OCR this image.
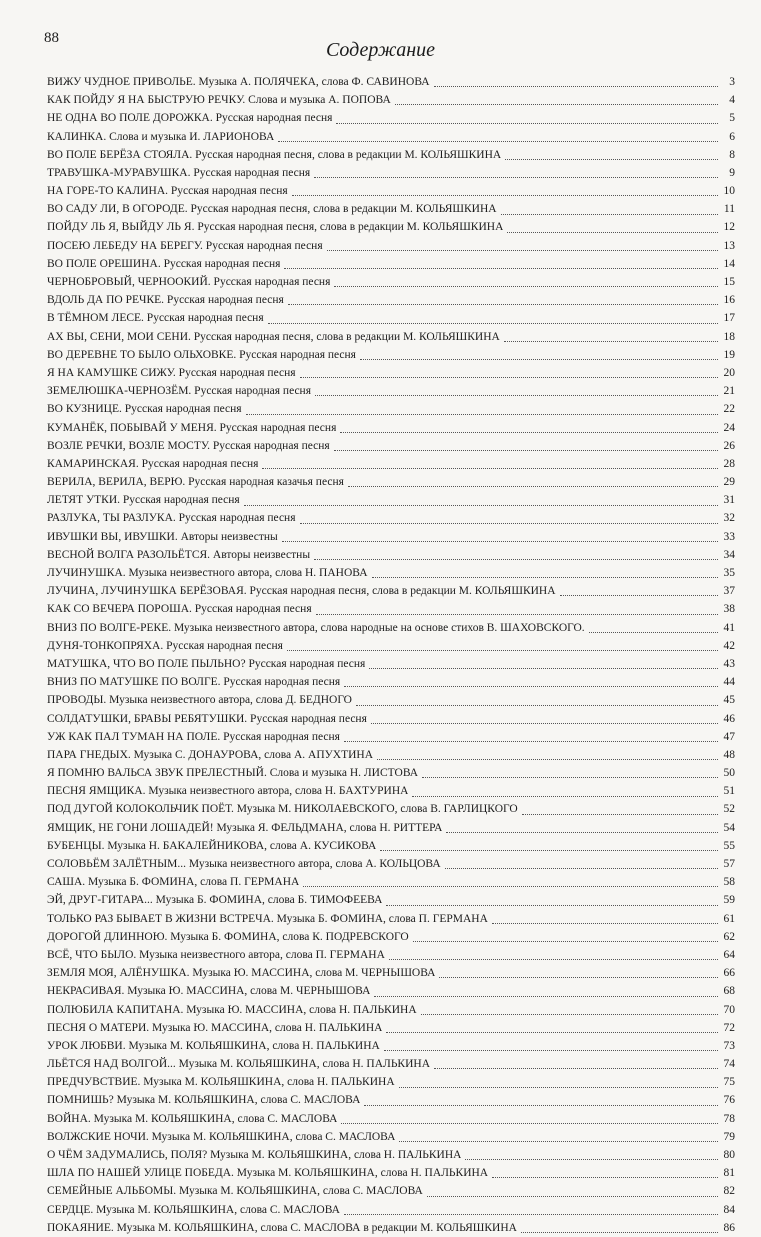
88
Содержание
ВИЖУ ЧУДНОЕ ПРИВОЛЬЕ. Музыка А. ПОЛЯЧЕКА, слова Ф. САВИНОВА	3
КАК ПОЙДУ Я НА БЫСТРУЮ РЕЧКУ. Слова и музыка А. ПОПОВА	4
НЕ ОДНА ВО ПОЛЕ ДОРОЖКА. Русская народная песня	5
КАЛИНКА. Слова и музыка И. ЛАРИОНОВА	6
ВО ПОЛЕ БЕРЁЗА СТОЯЛА. Русская народная песня, слова в редакции М. КОЛЬЯШКИНА	8
ТРАВУШКА-МУРАВУШКА. Русская народная песня	9
НА ГОРЕ-ТО КАЛИНА. Русская народная песня	10
ВО САДУ ЛИ, В ОГОРОДЕ. Русская народная песня, слова в редакции М. КОЛЬЯШКИНА	11
ПОЙДУ ЛЬ Я, ВЫЙДУ ЛЬ Я. Русская народная песня, слова в редакции М. КОЛЬЯШКИНА	12
ПОСЕЮ ЛЕБЕДУ НА БЕРЕГУ. Русская народная песня	13
ВО ПОЛЕ ОРЕШИНА. Русская народная песня	14
ЧЕРНОБРОВЫЙ, ЧЕРНООКИЙ. Русская народная песня	15
ВДОЛЬ ДА ПО РЕЧКЕ. Русская народная песня	16
В ТЁМНОМ ЛЕСЕ. Русская народная песня	17
АХ ВЫ, СЕНИ, МОИ СЕНИ. Русская народная песня, слова в редакции М. КОЛЬЯШКИНА	18
ВО ДЕРЕВНЕ ТО БЫЛО ОЛЬХОВКЕ. Русская народная песня	19
Я НА КАМУШКЕ СИЖУ. Русская народная песня	20
ЗЕМЕЛЮШКА-ЧЕРНОЗЁМ. Русская народная песня	21
ВО КУЗНИЦЕ. Русская народная песня	22
КУМАНЁК, ПОБЫВАЙ У МЕНЯ. Русская народная песня	24
ВОЗЛЕ РЕЧКИ, ВОЗЛЕ МОСТУ. Русская народная песня	26
КАМАРИНСКАЯ. Русская народная песня	28
ВЕРИЛА, ВЕРИЛА, ВЕРЮ. Русская народная казачья песня	29
ЛЕТЯТ УТКИ. Русская народная песня	31
РАЗЛУКА, ТЫ РАЗЛУКА. Русская народная песня	32
ИВУШКИ ВЫ, ИВУШКИ. Авторы неизвестны	33
ВЕСНОЙ ВОЛГА РАЗОЛЬЁТСЯ. Авторы неизвестны	34
ЛУЧИНУШКА. Музыка неизвестного автора, слова Н. ПАНОВА	35
ЛУЧИНА, ЛУЧИНУШКА БЕРЁЗОВАЯ. Русская народная песня, слова в редакции М. КОЛЬЯШКИНА	37
КАК СО ВЕЧЕРА ПОРОША. Русская народная песня	38
ВНИЗ ПО ВОЛГЕ-РЕКЕ. Музыка неизвестного автора, слова народные на основе стихов В. ШАХОВСКОГО.	41
ДУНЯ-ТОНКОПРЯХА. Русская народная песня	42
МАТУШКА, ЧТО ВО ПОЛЕ ПЫЛЬНО? Русская народная песня	43
ВНИЗ ПО МАТУШКЕ ПО ВОЛГЕ. Русская народная песня	44
ПРОВОДЫ. Музыка неизвестного автора, слова Д. БЕДНОГО	45
СОЛДАТУШКИ, БРАВЫ РЕБЯТУШКИ. Русская народная песня	46
УЖ КАК ПАЛ ТУМАН НА ПОЛЕ. Русская народная песня	47
ПАРА ГНЕДЫХ. Музыка С. ДОНАУРОВА, слова А. АПУХТИНА	48
Я ПОМНЮ ВАЛЬСА ЗВУК ПРЕЛЕСТНЫЙ. Слова и музыка Н. ЛИСТОВА	50
ПЕСНЯ ЯМЩИКА. Музыка неизвестного автора, слова Н. БАХТУРИНА	51
ПОД ДУГОЙ КОЛОКОЛЬЧИК ПОЁТ. Музыка М. НИКОЛАЕВСКОГО, слова В. ГАРЛИЦКОГО	52
ЯМЩИК, НЕ ГОНИ ЛОШАДЕЙ! Музыка Я. ФЕЛЬДМАНА, слова Н. РИТТЕРА	54
БУБЕНЦЫ. Музыка Н. БАКАЛЕЙНИКОВА, слова А. КУСИКОВА	55
СОЛОВЬЁМ ЗАЛЁТНЫМ... Музыка неизвестного автора, слова А. КОЛЬЦОВА	57
САША. Музыка Б. ФОМИНА, слова П. ГЕРМАНА	58
ЭЙ, ДРУГ-ГИТАРА... Музыка Б. ФОМИНА, слова Б. ТИМОФЕЕВА	59
ТОЛЬКО РАЗ БЫВАЕТ В ЖИЗНИ ВСТРЕЧА. Музыка Б. ФОМИНА, слова П. ГЕРМАНА	61
ДОРОГОЙ ДЛИННОЮ. Музыка Б. ФОМИНА, слова К. ПОДРЕВСКОГО	62
ВСЁ, ЧТО БЫЛО. Музыка неизвестного автора, слова П. ГЕРМАНА	64
ЗЕМЛЯ МОЯ, АЛЁНУШКА. Музыка Ю. МАССИНА, слова М. ЧЕРНЫШОВА	66
НЕКРАСИВАЯ. Музыка Ю. МАССИНА, слова М. ЧЕРНЫШОВА	68
ПОЛЮБИЛА КАПИТАНА. Музыка Ю. МАССИНА, слова Н. ПАЛЬКИНА	70
ПЕСНЯ О МАТЕРИ. Музыка Ю. МАССИНА, слова Н. ПАЛЬКИНА	72
УРОК ЛЮБВИ. Музыка М. КОЛЬЯШКИНА, слова Н. ПАЛЬКИНА	73
ЛЬЁТСЯ НАД ВОЛГОЙ... Музыка М. КОЛЬЯШКИНА, слова Н. ПАЛЬКИНА	74
ПРЕДЧУВСТВИЕ. Музыка М. КОЛЬЯШКИНА, слова Н. ПАЛЬКИНА	75
ПОМНИШЬ? Музыка М. КОЛЬЯШКИНА, слова С. МАСЛОВА	76
ВОЙНА. Музыка М. КОЛЬЯШКИНА, слова С. МАСЛОВА	78
ВОЛЖСКИЕ НОЧИ. Музыка М. КОЛЬЯШКИНА, слова С. МАСЛОВА	79
О ЧЁМ ЗАДУМАЛИСЬ, ПОЛЯ? Музыка М. КОЛЬЯШКИНА, слова Н. ПАЛЬКИНА	80
ШЛА ПО НАШЕЙ УЛИЦЕ ПОБЕДА. Музыка М. КОЛЬЯШКИНА, слова Н. ПАЛЬКИНА	81
СЕМЕЙНЫЕ АЛЬБОМЫ. Музыка М. КОЛЬЯШКИНА, слова С. МАСЛОВА	82
СЕРДЦЕ. Музыка М. КОЛЬЯШКИНА, слова С. МАСЛОВА	84
ПОКАЯНИЕ. Музыка М. КОЛЬЯШКИНА, слова С. МАСЛОВА в редакции М. КОЛЬЯШКИНА	86
